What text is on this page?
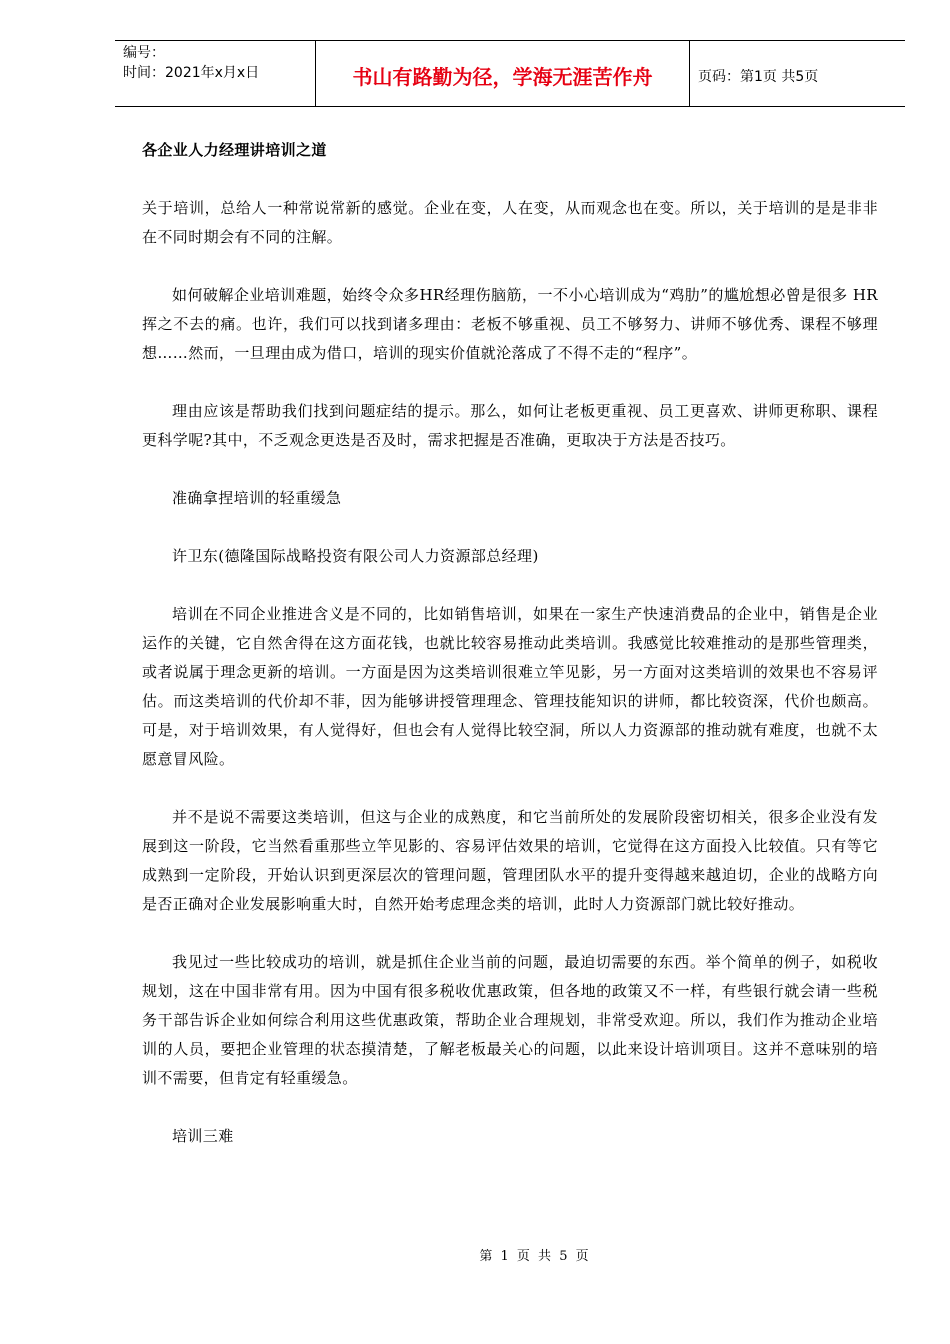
编号：
时间：2021年x月x日	书山有路勤为径，学海无涯苦作舟	页码：第1页 共5页

各企业人力经理讲培训之道

关于培训，总给人一种常说常新的感觉。企业在变，人在变，从而观念也在变。所以，关于培训的是是非非在不同时期会有不同的注解。

如何破解企业培训难题，始终令众多HR经理伤脑筋，一不小心培训成为“鸡肋”的尴尬想必曾是很多 HR挥之不去的痛。也许，我们可以找到诸多理由：老板不够重视、员工不够努力、讲师不够优秀、课程不够理想……然而，一旦理由成为借口，培训的现实价值就沦落成了不得不走的“程序”。

理由应该是帮助我们找到问题症结的提示。那么，如何让老板更重视、员工更喜欢、讲师更称职、课程更科学呢?其中，不乏观念更迭是否及时，需求把握是否准确，更取决于方法是否技巧。

准确拿捏培训的轻重缓急

许卫东(德隆国际战略投资有限公司人力资源部总经理)

培训在不同企业推进含义是不同的，比如销售培训，如果在一家生产快速消费品的企业中，销售是企业运作的关键，它自然舍得在这方面花钱，也就比较容易推动此类培训。我感觉比较难推动的是那些管理类，或者说属于理念更新的培训。一方面是因为这类培训很难立竿见影，另一方面对这类培训的效果也不容易评估。而这类培训的代价却不菲，因为能够讲授管理理念、管理技能知识的讲师，都比较资深，代价也颇高。可是，对于培训效果，有人觉得好，但也会有人觉得比较空洞，所以人力资源部的推动就有难度，也就不太愿意冒风险。

并不是说不需要这类培训，但这与企业的成熟度，和它当前所处的发展阶段密切相关，很多企业没有发展到这一阶段，它当然看重那些立竿见影的、容易评估效果的培训，它觉得在这方面投入比较值。只有等它成熟到一定阶段，开始认识到更深层次的管理问题，管理团队水平的提升变得越来越迫切，企业的战略方向是否正确对企业发展影响重大时，自然开始考虑理念类的培训，此时人力资源部门就比较好推动。

我见过一些比较成功的培训，就是抓住企业当前的问题，最迫切需要的东西。举个简单的例子，如税收规划，这在中国非常有用。因为中国有很多税收优惠政策，但各地的政策又不一样，有些银行就会请一些税务干部告诉企业如何综合利用这些优惠政策，帮助企业合理规划，非常受欢迎。所以，我们作为推动企业培训的人员，要把企业管理的状态摸清楚，了解老板最关心的问题，以此来设计培训项目。这并不意味别的培训不需要，但肯定有轻重缓急。

培训三难

第 1 页 共 5 页
